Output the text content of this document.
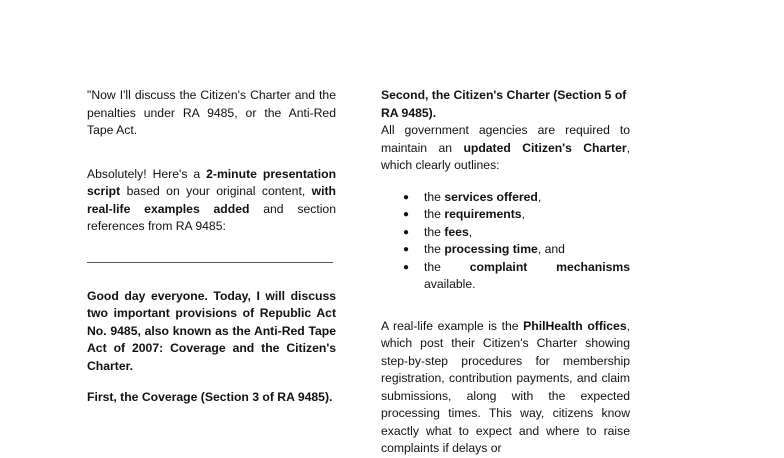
"Now I'll discuss the Citizen's Charter and the penalties under RA 9485, or the Anti-Red Tape Act.

Absolutely! Here's a 2-minute presentation script based on your original content, with real-life examples added and section references from RA 9485:

Good day everyone. Today, I will discuss two important provisions of Republic Act No. 9485, also known as the Anti-Red Tape Act of 2007: Coverage and the Citizen's Charter.

First, the Coverage (Section 3 of RA 9485).

Second, the Citizen's Charter (Section 5 of RA 9485).

All government agencies are required to maintain an updated Citizen's Charter, which clearly outlines:

● the services offered,
● the requirements,
● the fees,
● the processing time, and
● the complaint mechanisms available.

A real-life example is the PhilHealth offices, which post their Citizen's Charter showing step-by-step procedures for membership registration, contribution payments, and claim submissions, along with the expected processing times. This way, citizens know exactly what to expect and where to raise complaints if delays or
